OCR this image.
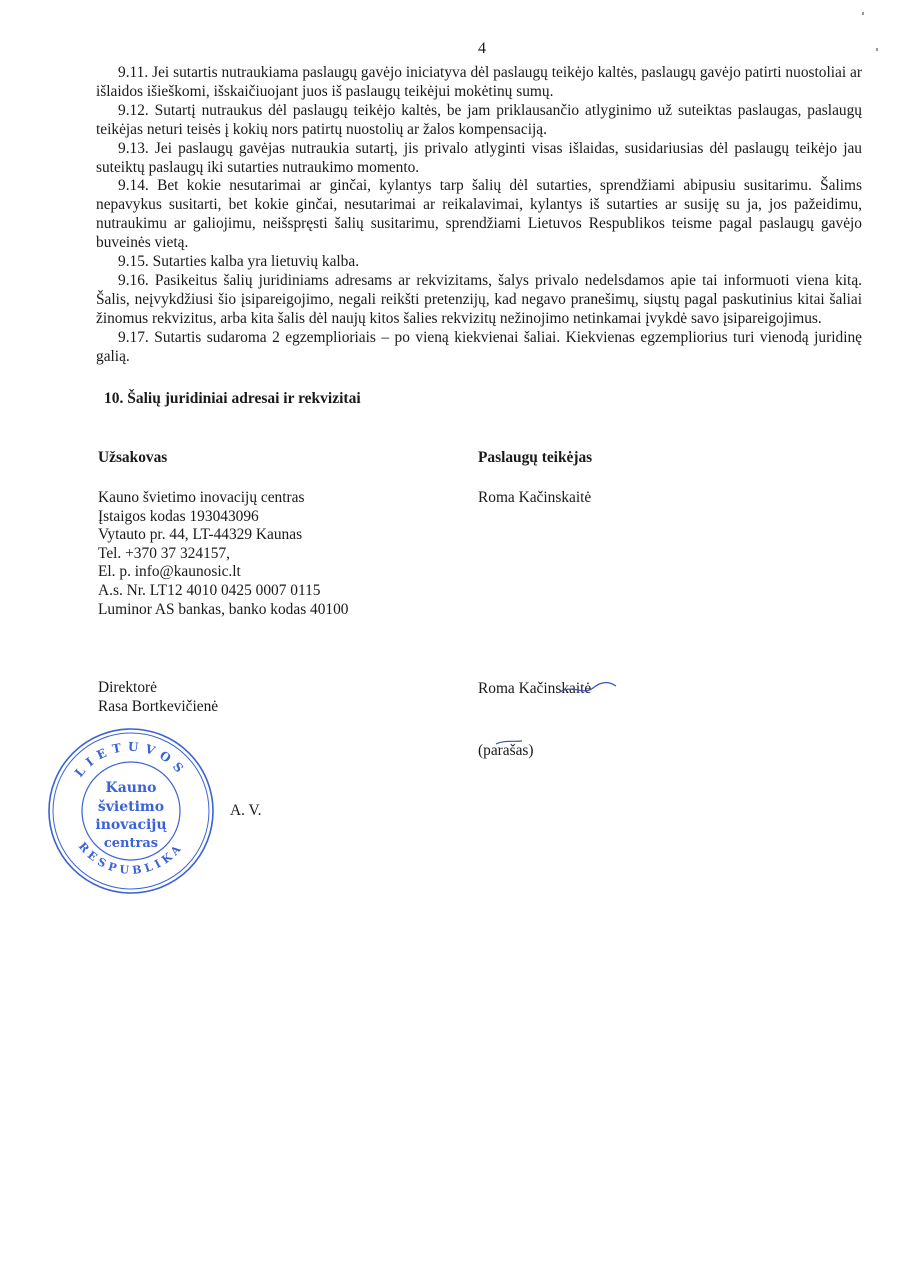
4

9.11. Jei sutartis nutraukiama paslaugų gavėjo iniciatyva dėl paslaugų teikėjo kaltės, paslaugų gavėjo patirti nuostoliai ar išlaidos išieškomi, išskaičiuojant juos iš paslaugų teikėjui mokėtinų sumų.

9.12. Sutartį nutraukus dėl paslaugų teikėjo kaltės, be jam priklausančio atlyginimo už suteiktas paslaugas, paslaugų teikėjas neturi teisės į kokių nors patirtų nuostolių ar žalos kompensaciją.

9.13. Jei paslaugų gavėjas nutraukia sutartį, jis privalo atlyginti visas išlaidas, susidariusias dėl paslaugų teikėjo jau suteiktų paslaugų iki sutarties nutraukimo momento.

9.14. Bet kokie nesutarimai ar ginčai, kylantys tarp šalių dėl sutarties, sprendžiami abipusiu susitarimu. Šalims nepavykus susitarti, bet kokie ginčai, nesutarimai ar reikalavimai, kylantys iš sutarties ar susiję su ja, jos pažeidimu, nutraukimu ar galiojimu, neišspręsti šalių susitarimu, sprendžiami Lietuvos Respublikos teisme pagal paslaugų gavėjo buveinės vietą.

9.15. Sutarties kalba yra lietuvių kalba.

9.16. Pasikeitus šalių juridiniams adresams ar rekvizitams, šalys privalo nedelsdamos apie tai informuoti viena kitą. Šalis, neįvykdžiusi šio įsipareigojimo, negali reikšti pretenzijų, kad negavo pranešimų, siųstų pagal paskutinius kitai šaliai žinomus rekvizitus, arba kita šalis dėl naujų kitos šalies rekvizitų nežinojimo netinkamai įvykdė savo įsipareigojimus.

9.17. Sutartis sudaroma 2 egzemplioriais – po vieną kiekvienai šaliai. Kiekvienas egzempliorius turi vienodą juridinę galią.

10. Šalių juridiniai adresai ir rekvizitai
Užsakovas
Kauno švietimo inovacijų centras
Įstaigos kodas 193043096
Vytauto pr. 44, LT-44329 Kaunas
Tel. +370 37 324157,
El. p. info@kaunosic.lt
A.s. Nr. LT12 4010 0425 0007 0115
Luminor AS bankas, banko kodas 40100
Direktorė
Rasa Bortkevičienė
LIETUVOS
RESPUBLIKA
Kauno
švietimo
inovacijų
centras
A. V.
Paslaugų teikėjas
Roma Kačinskaitė
Roma Kačinskaitė
(parašas)
